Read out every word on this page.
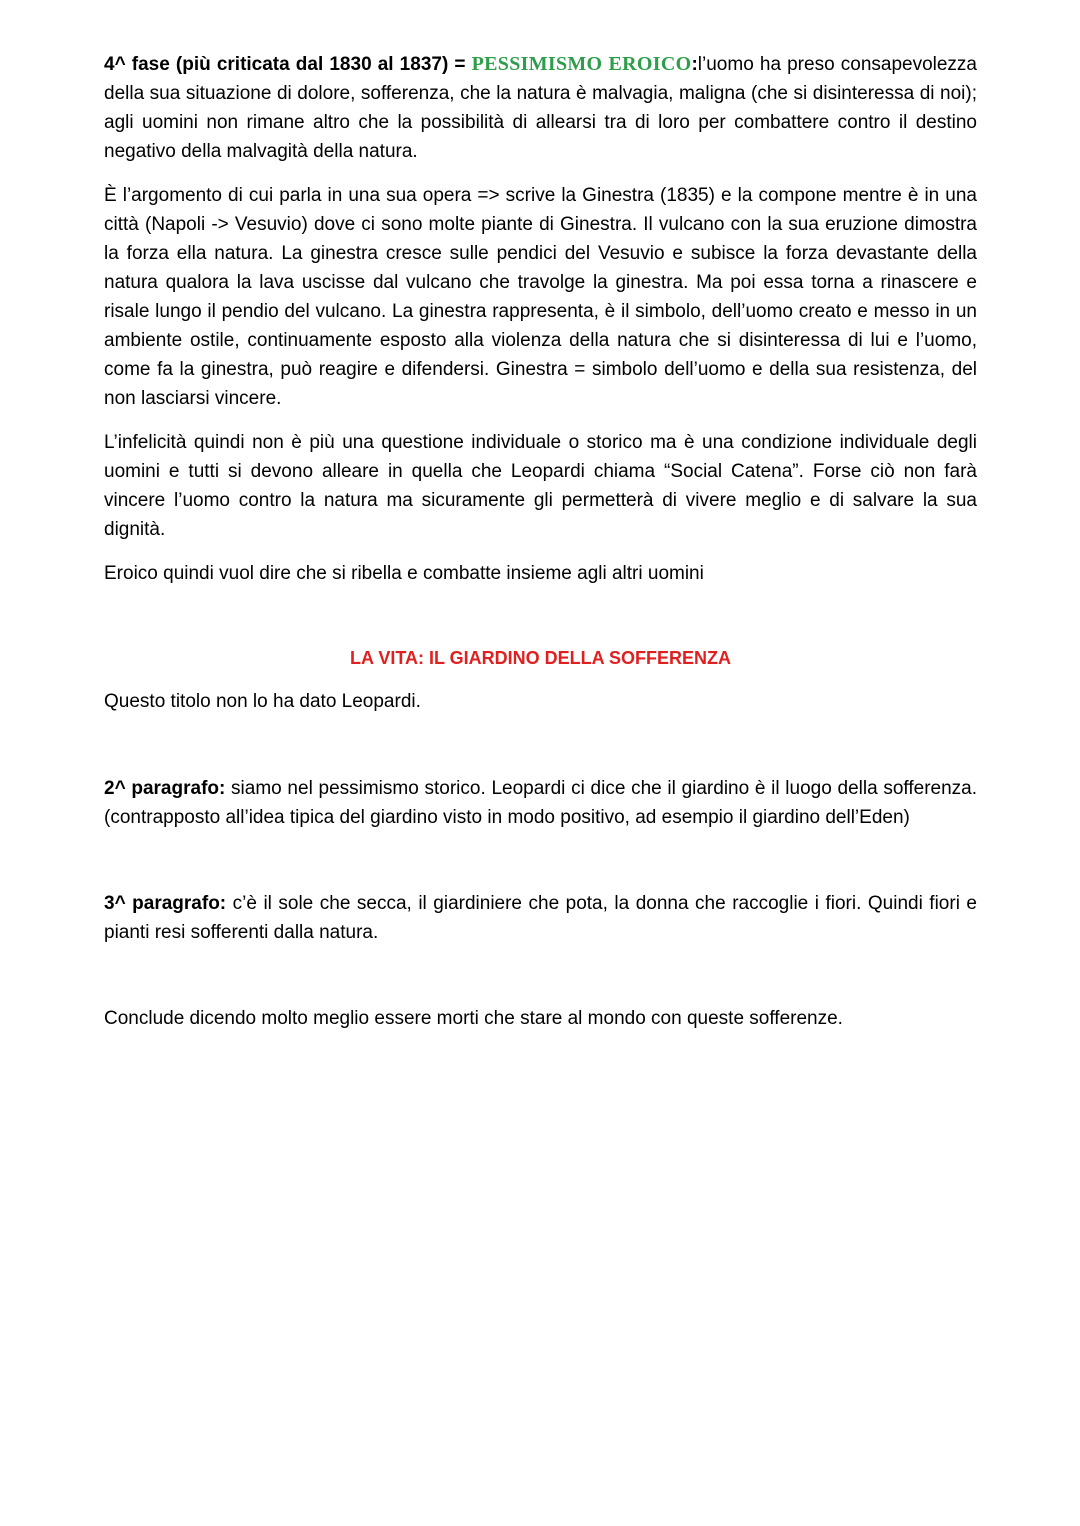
4^ fase (più criticata dal 1830 al 1837) = PESSIMISMO EROICO:l’uomo ha preso consapevolezza della sua situazione di dolore, sofferenza, che la natura è malvagia, maligna (che si disinteressa di noi); agli uomini non rimane altro che la possibilità di allearsi tra di loro per combattere contro il destino negativo della malvagità della natura.

È l’argomento di cui parla in una sua opera => scrive la Ginestra (1835) e la compone mentre è in una città (Napoli -> Vesuvio) dove ci sono molte piante di Ginestra. Il vulcano con la sua eruzione dimostra la forza ella natura. La ginestra cresce sulle pendici del Vesuvio e subisce la forza devastante della natura qualora la lava uscisse dal vulcano che travolge la ginestra. Ma poi essa torna a rinascere e risale lungo il pendio del vulcano. La ginestra rappresenta, è il simbolo, dell’uomo creato e messo in un ambiente ostile, continuamente esposto alla violenza della natura che si disinteressa di lui e l’uomo, come fa la ginestra, può reagire e difendersi. Ginestra = simbolo dell’uomo e della sua resistenza, del non lasciarsi vincere.

L’infelicità quindi non è più una questione individuale o storico ma è una condizione individuale degli uomini e tutti si devono alleare in quella che Leopardi chiama “Social Catena”. Forse ciò non farà vincere l’uomo contro la natura ma sicuramente gli permetterà di vivere meglio e di salvare la sua dignità.

Eroico quindi vuol dire che si ribella e combatte insieme agli altri uomini

LA VITA: IL GIARDINO DELLA SOFFERENZA

Questo titolo non lo ha dato Leopardi.

2^ paragrafo: siamo nel pessimismo storico. Leopardi ci dice che il giardino è il luogo della sofferenza. (contrapposto all’idea tipica del giardino visto in modo positivo, ad esempio il giardino dell’Eden)

3^ paragrafo: c’è il sole che secca, il giardiniere che pota, la donna che raccoglie i fiori. Quindi fiori e pianti resi sofferenti dalla natura.

Conclude dicendo molto meglio essere morti che stare al mondo con queste sofferenze.
